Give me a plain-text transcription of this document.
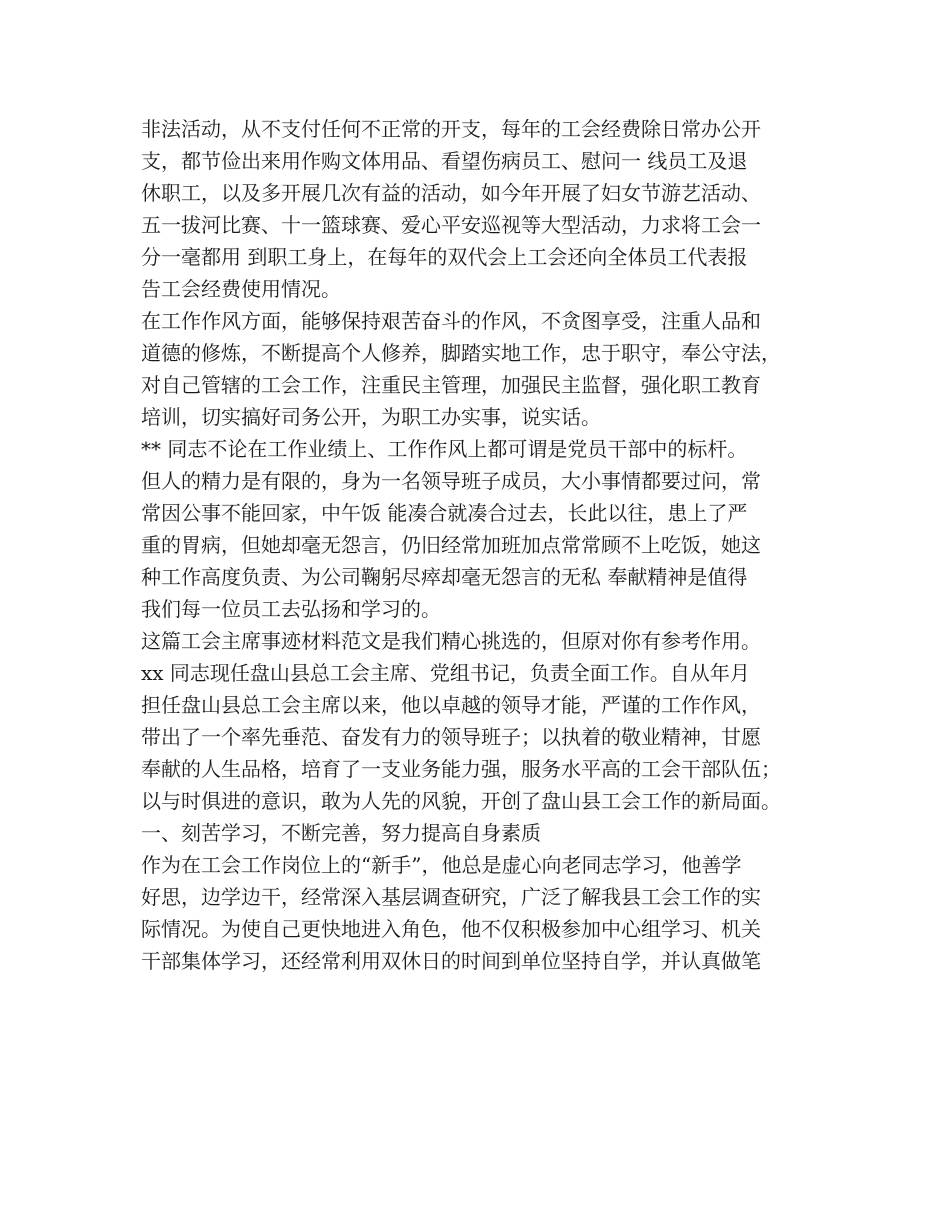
非法活动，从不支付任何不正常的开支，每年的工会经费除日常办公开
支，都节俭出来用作购文体用品、看望伤病员工、慰问一 线员工及退
休职工，以及多开展几次有益的活动，如今年开展了妇女节游艺活动、
五一拔河比赛、十一篮球赛、爱心平安巡视等大型活动，力求将工会一
分一毫都用 到职工身上，在每年的双代会上工会还向全体员工代表报
告工会经费使用情况。
在工作作风方面，能够保持艰苦奋斗的作风，不贪图享受，注重人品和
道德的修炼，不断提高个人修养，脚踏实地工作，忠于职守，奉公守法，
对自己管辖的工会工作，注重民主管理，加强民主监督，强化职工教育
培训，切实搞好司务公开，为职工办实事，说实话。
** 同志不论在工作业绩上、工作作风上都可谓是党员干部中的标杆。
但人的精力是有限的，身为一名领导班子成员，大小事情都要过问，常
常因公事不能回家，中午饭 能凑合就凑合过去，长此以往，患上了严
重的胃病，但她却毫无怨言，仍旧经常加班加点常常顾不上吃饭，她这
种工作高度负责、为公司鞠躬尽瘁却毫无怨言的无私 奉献精神是值得
我们每一位员工去弘扬和学习的。
这篇工会主席事迹材料范文是我们精心挑选的，但原对你有参考作用。
xx 同志现任盘山县总工会主席、党组书记，负责全面工作。自从年月
担任盘山县总工会主席以来，他以卓越的领导才能，严谨的工作作风，
带出了一个率先垂范、奋发有力的领导班子；以执着的敬业精神，甘愿
奉献的人生品格，培育了一支业务能力强，服务水平高的工会干部队伍；
以与时俱进的意识，敢为人先的风貌，开创了盘山县工会工作的新局面。
一、刻苦学习，不断完善，努力提高自身素质
作为在工会工作岗位上的“新手”，他总是虚心向老同志学习，他善学
好思，边学边干，经常深入基层调查研究，广泛了解我县工会工作的实
际情况。为使自己更快地进入角色，他不仅积极参加中心组学习、机关
干部集体学习，还经常利用双休日的时间到单位坚持自学，并认真做笔
